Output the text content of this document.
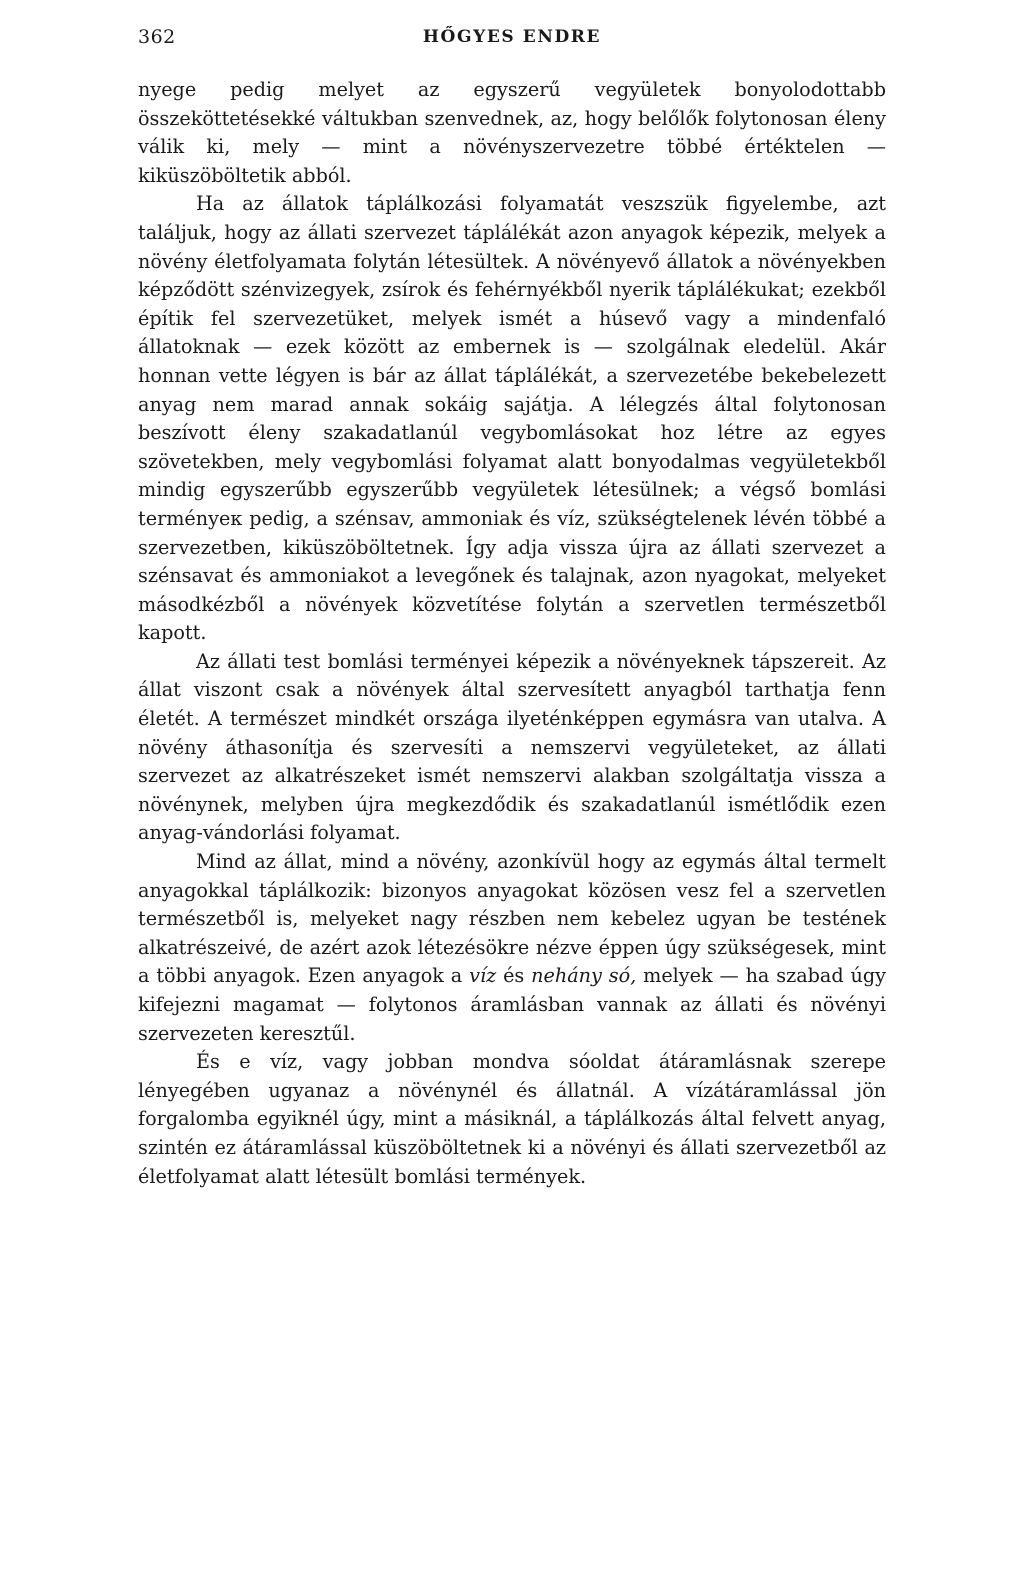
362	HŐGYES ENDRE

nyege pedig melyet az egyszerű vegyületek bonyolodottabb összeköttetésekké váltukban szenvednek, az, hogy belőlők folytonosan éleny válik ki, mely — mint a növényszervezetre többé értéktelen — kiküszöböltetik abból.

Ha az állatok táplálkozási folyamatát veszszük figyelembe, azt találjuk, hogy az állati szervezet táplálékát azon anyagok képezik, melyek a növény életfolyamata folytán létesültek. A növényevő állatok a növényekben képződött szénvizegyek, zsírok és fehérnyékből nyerik táplálékukat; ezekből építik fel szervezetüket, melyek ismét a húsevő vagy a mindenfaló állatoknak — ezek között az embernek is — szolgálnak eledelül. Akár honnan vette légyen is bár az állat táplálékát, a szervezetébe bekebelezett anyag nem marad annak sokáig sajátja. A lélegzés által folytonosan beszívott éleny szakadatlanúl vegybomlásokat hoz létre az egyes szövetekben, mely vegybomlási folyamat alatt bonyodalmas vegyületekből mindig egyszerűbb egyszerűbb vegyületek létesülnek; a végső bomlási terményeк pedig, a szénsav, ammoniak és víz, szükségtelenek lévén többé a szervezetben, kiküszöböltetnek. Így adja vissza újra az állati szervezet a szénsavat és ammoniakot a levegőnek és talajnak, azon nyagokat, melyeket másodkézből a növények közvetítése folytán a szervetlen természetből kapott.

Az állati test bomlási terményei képezik a növényeknek tápszereit. Az állat viszont csak a növények által szervesített anyagból tarthatja fenn életét. A természet mindkét országa ilyeténképpen egymásra van utalva. A növény áthasonítja és szervesíti a nemszervi vegyületeket, az állati szervezet az alkatrészeket ismét nemszervi alakban szolgáltatja vissza a növénynek, melyben újra megkezdődik és szakadatlanúl ismétlődik ezen anyag-vándorlási folyamat.

Mind az állat, mind a növény, azonkívül hogy az egymás által termelt anyagokkal táplálkozik: bizonyos anyagokat közösen vesz fel a szervetlen természetből is, melyeket nagy részben nem kebelez ugyan be testének alkatrészeivé, de azért azok létezésökre nézve éppen úgy szükségesek, mint a többi anyagok. Ezen anyagok a víz és nehány só, melyek — ha szabad úgy kifejezni magamat — folytonos áramlásban vannak az állati és növényi szervezeten keresztűl.

És e víz, vagy jobban mondva sóoldat átáramlásnak szerepe lényegében ugyanaz a növénynél és állatnál. A vízátáramlással jön forgalomba egyiknél úgy, mint a másiknál, a táplálkozás által felvett anyag, szintén ez átáramlással küszöböltetnek ki a növényi és állati szervezetből az életfolyamat alatt létesült bomlási termények.
